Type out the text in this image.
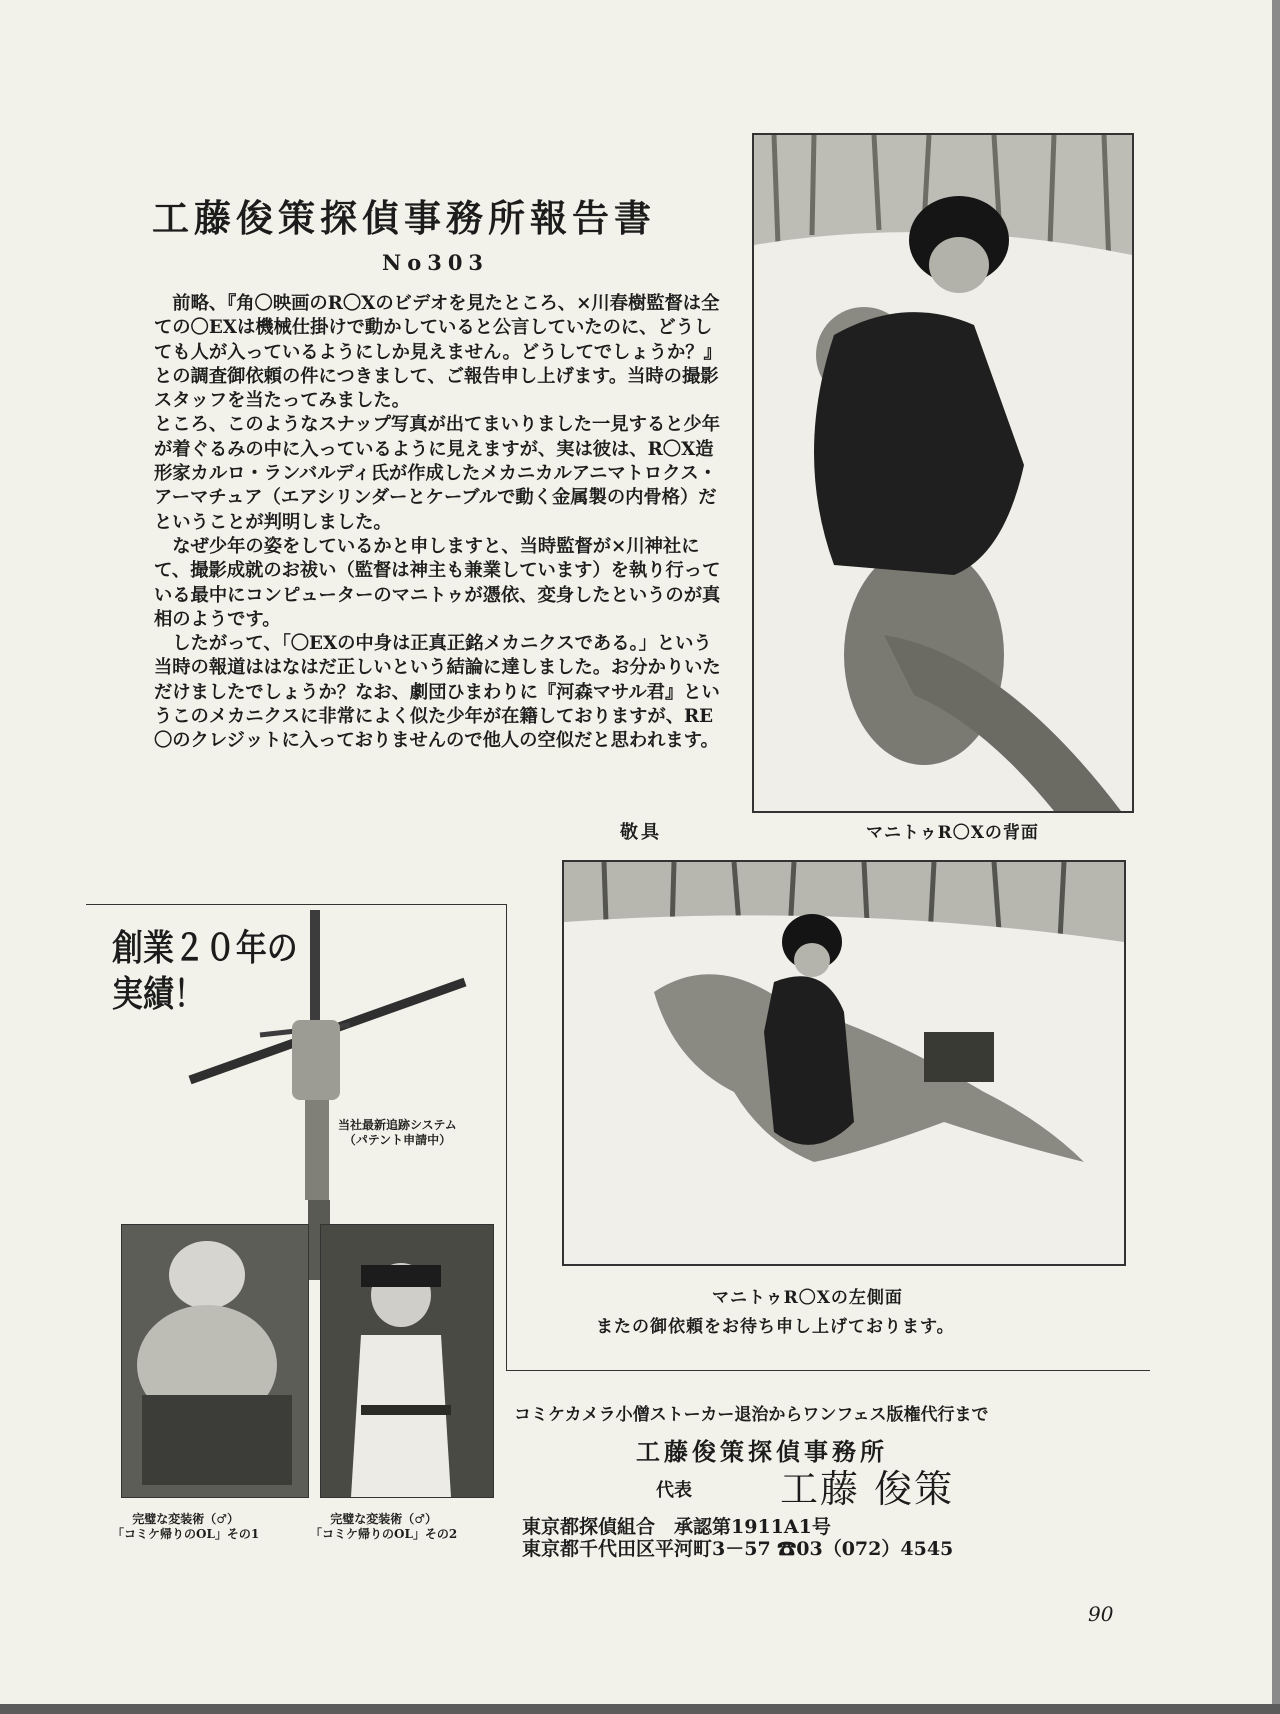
工藤俊策探偵事務所報告書
No303

前略、『角〇映画のR〇Xのビデオを見たところ、×川春樹監督は全ての〇EXは機械仕掛けで動かしていると公言していたのに、どうしても人が入っているようにしか見えません。どうしてでしょうか？』との調査御依頼の件につきまして、ご報告申し上げます。当時の撮影スタッフを当たってみました。

ところ、このようなスナップ写真が出てまいりました一見すると少年が着ぐるみの中に入っているように見えますが、実は彼は、R〇X造形家カルロ・ランバルディ氏が作成したメカニカルアニマトロクス・アーマチュア（エアシリンダーとケーブルで動く金属製の内骨格）だということが判明しました。

なぜ少年の姿をしているかと申しますと、当時監督が×川神社にて、撮影成就のお祓い（監督は神主も兼業しています）を執り行っている最中にコンピューターのマニトゥが憑依、変身したというのが真相のようです。

したがって、「〇EXの中身は正真正銘メカニクスである。」という当時の報道ははなはだ正しいという結論に達しました。お分かりいただけましたでしょうか？なお、劇団ひまわりに『河森マサル君』というこのメカニクスに非常によく似た少年が在籍しておりますが、RE〇のクレジットに入っておりませんので他人の空似だと思われます。

敬具	マニトゥR〇Xの背面
マニトゥR〇Xの左側面
またの御依頼をお待ち申し上げております。
創業２０年の
実績！
当社最新追跡システム
（パテント申請中）
完璧な変装術（♂）
「コミケ帰りのOL」その1
完璧な変装術（♂）
「コミケ帰りのOL」その2
コミケカメラ小僧ストーカー退治からワンフェス版権代行まで
工藤俊策探偵事務所
代表 工藤 俊策
東京都探偵組合　承認第1911A1号
東京都千代田区平河町3－57 ☎03（072）4545
90
